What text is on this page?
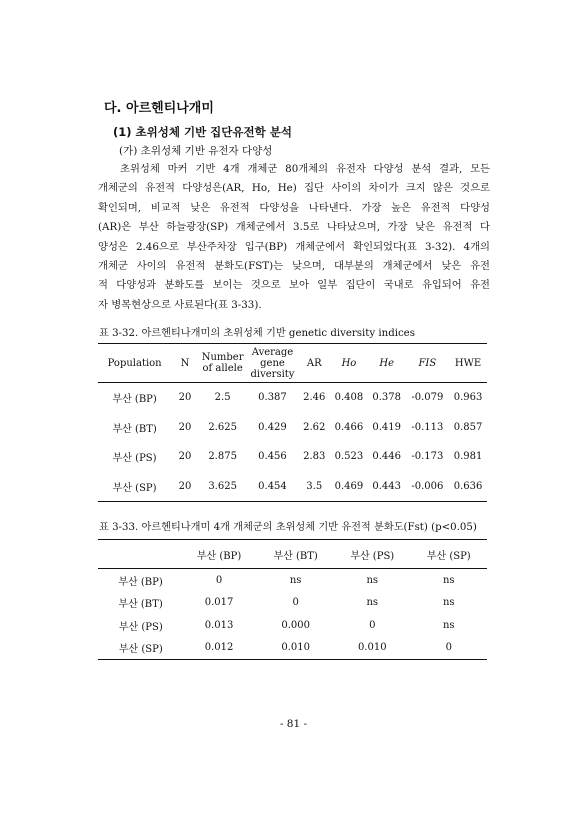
다. 아르헨티나개미
(1) 초위성체 기반 집단유전학 분석
(가) 초위성체 기반 유전자 다양성
초위성체 마커 기반 4개 개체군 80개체의 유전자 다양성 분석 결과, 모든
개체군의 유전적 다양성은(AR, Ho, He) 집단 사이의 차이가 크지 않은 것으로
확인되며, 비교적 낮은 유전적 다양성을 나타낸다. 가장 높은 유전적 다양성
(AR)은 부산 하늘광장(SP) 개체군에서 3.5로 나타났으며, 가장 낮은 유전적 다
양성은 2.46으로 부산주차장 입구(BP) 개체군에서 확인되었다(표 3-32). 4개의
개체군 사이의 유전적 분화도(FST)는 낮으며, 대부분의 개체군에서 낮은 유전
적 다양성과 분화도를 보이는 것으로 보아 일부 집단이 국내로 유입되어 유전
자 병목현상으로 사료된다(표 3-33).
표 3-32. 아르헨티나개미의 초위성체 기반 genetic diversity indices
Population	N	Number of allele	Average gene diversity	AR	Ho	He	FIS	HWE
부산 (BP)	20	2.5	0.387	2.46	0.408	0.378	-0.079	0.963
부산 (BT)	20	2.625	0.429	2.62	0.466	0.419	-0.113	0.857
부산 (PS)	20	2.875	0.456	2.83	0.523	0.446	-0.173	0.981
부산 (SP)	20	3.625	0.454	3.5	0.469	0.443	-0.006	0.636
표 3-33. 아르헨티나개미 4개 개체군의 초위성체 기반 유전적 분화도(Fst) (p<0.05)
	부산 (BP)	부산 (BT)	부산 (PS)	부산 (SP)
부산 (BP)	0	ns	ns	ns
부산 (BT)	0.017	0	ns	ns
부산 (PS)	0.013	0.000	0	ns
부산 (SP)	0.012	0.010	0.010	0
- 81 -
